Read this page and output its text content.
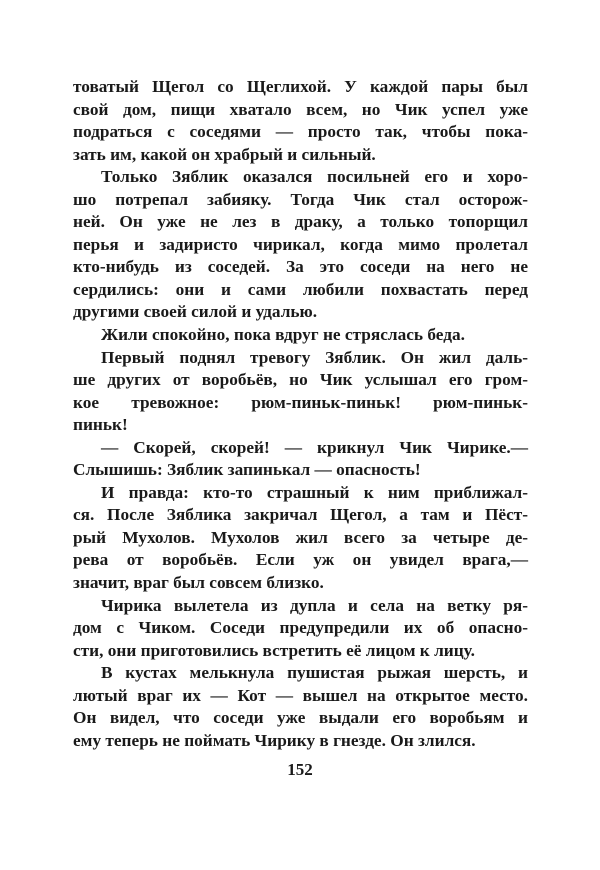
товатый Щегол со Щеглихой. У каждой пары был
свой дом, пищи хватало всем, но Чик успел уже
подраться с соседями — просто так, чтобы пока-
зать им, какой он храбрый и сильный.
Только Зяблик оказался посильней его и хоро-
шо потрепал забияку. Тогда Чик стал осторож-
ней. Он уже не лез в драку, а только топорщил
перья и задиристо чирикал, когда мимо пролетал
кто-нибудь из соседей. За это соседи на него не
сердились: они и сами любили похвастать перед
другими своей силой и удалью.
Жили спокойно, пока вдруг не стряслась беда.
Первый поднял тревогу Зяблик. Он жил даль-
ше других от воробьёв, но Чик услышал его гром-
кое тревожное: рюм-пиньк-пиньк! рюм-пиньк-
пиньк!
— Скорей, скорей! — крикнул Чик Чирике.—
Слышишь: Зяблик запинькал — опасность!
И правда: кто-то страшный к ним приближал-
ся. После Зяблика закричал Щегол, а там и Пёст-
рый Мухолов. Мухолов жил всего за четыре де-
рева от воробьёв. Если уж он увидел врага,—
значит, враг был совсем близко.
Чирика вылетела из дупла и села на ветку ря-
дом с Чиком. Соседи предупредили их об опасно-
сти, они приготовились встретить её лицом к лицу.
В кустах мелькнула пушистая рыжая шерсть, и
лютый враг их — Кот — вышел на открытое место.
Он видел, что соседи уже выдали его воробьям и
ему теперь не поймать Чирику в гнезде. Он злился.
152
